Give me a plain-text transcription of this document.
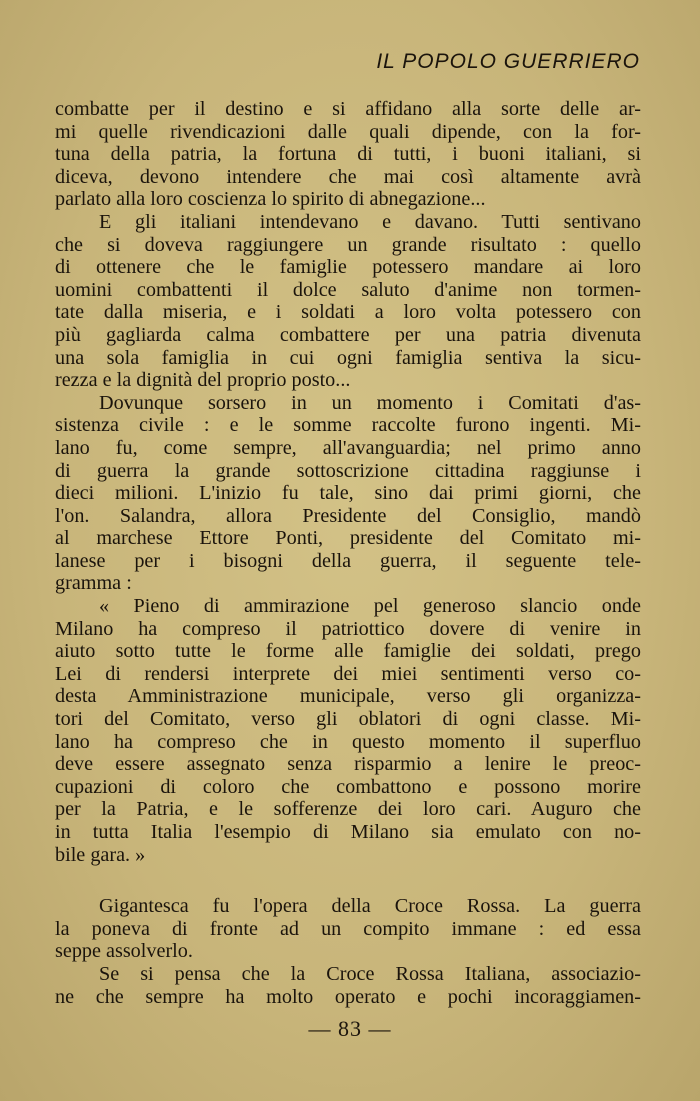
IL POPOLO GUERRIERO
combatte per il destino e si affidano alla sorte delle ar-
mi quelle rivendicazioni dalle quali dipende, con la for-
tuna della patria, la fortuna di tutti, i buoni italiani, si
diceva, devono intendere che mai così altamente avrà
parlato alla loro coscienza lo spirito di abnegazione...
E gli italiani intendevano e davano. Tutti sentivano
che si doveva raggiungere un grande risultato : quello
di ottenere che le famiglie potessero mandare ai loro
uomini combattenti il dolce saluto d'anime non tormen-
tate dalla miseria, e i soldati a loro volta potessero con
più gagliarda calma combattere per una patria divenuta
una sola famiglia in cui ogni famiglia sentiva la sicu-
rezza e la dignità del proprio posto...
Dovunque sorsero in un momento i Comitati d'as-
sistenza civile : e le somme raccolte furono ingenti. Mi-
lano fu, come sempre, all'avanguardia; nel primo anno
di guerra la grande sottoscrizione cittadina raggiunse i
dieci milioni. L'inizio fu tale, sino dai primi giorni, che
l'on. Salandra, allora Presidente del Consiglio, mandò
al marchese Ettore Ponti, presidente del Comitato mi-
lanese per i bisogni della guerra, il seguente tele-
gramma :
« Pieno di ammirazione pel generoso slancio onde
Milano ha compreso il patriottico dovere di venire in
aiuto sotto tutte le forme alle famiglie dei soldati, prego
Lei di rendersi interprete dei miei sentimenti verso co-
desta Amministrazione municipale, verso gli organizza-
tori del Comitato, verso gli oblatori di ogni classe. Mi-
lano ha compreso che in questo momento il superfluo
deve essere assegnato senza risparmio a lenire le preoc-
cupazioni di coloro che combattono e possono morire
per la Patria, e le sofferenze dei loro cari. Auguro che
in tutta Italia l'esempio di Milano sia emulato con no-
bile gara. »
Gigantesca fu l'opera della Croce Rossa. La guerra
la poneva di fronte ad un compito immane : ed essa
seppe assolverlo.
Se si pensa che la Croce Rossa Italiana, associazio-
ne che sempre ha molto operato e pochi incoraggiamen-
— 83 —
